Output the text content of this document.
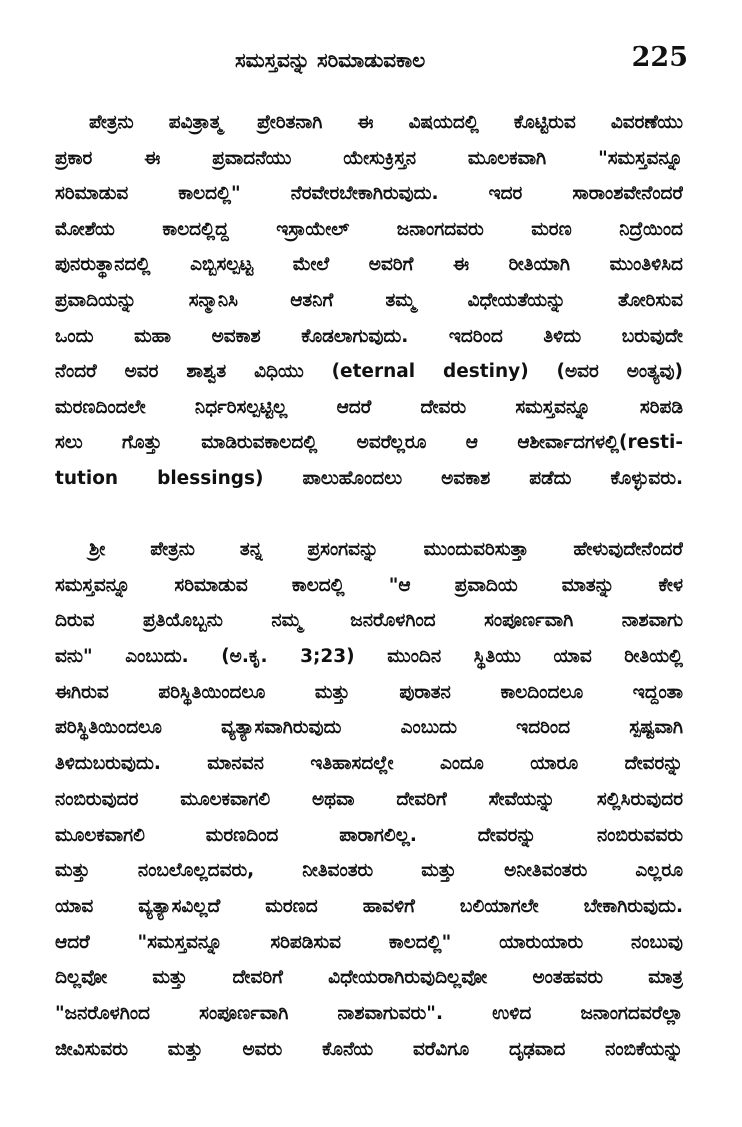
ಸಮಸ್ತವನ್ನು ಸರಿಮಾಡುವಕಾಲ	225
ಪೇತ್ರನು ಪವಿತ್ರಾತ್ಮ ಪ್ರೇರಿತನಾಗಿ ಈ ವಿಷಯದಲ್ಲಿ ಕೊಟ್ಟಿರುವ ವಿವರಣೆಯು
ಪ್ರಕಾರ ಈ ಪ್ರವಾದನೆಯು ಯೇಸುಕ್ರಿಸ್ತನ ಮೂಲಕವಾಗಿ "ಸಮಸ್ತವನ್ನೂ
ಸರಿಮಾಡುವ ಕಾಲದಲ್ಲಿ" ನೆರವೇರಬೇಕಾಗಿರುವುದು. ಇದರ ಸಾರಾಂಶವೇನೆಂದರೆ
ಮೋಶೆಯ ಕಾಲದಲ್ಲಿದ್ದ ಇಸ್ರಾಯೇಲ್ ಜನಾಂಗದವರು ಮರಣ ನಿದ್ರೆಯಿಂದ
ಪುನರುತ್ಥಾನದಲ್ಲಿ ಎಬ್ಬಿಸಲ್ಪಟ್ಟ ಮೇಲೆ ಅವರಿಗೆ ಈ ರೀತಿಯಾಗಿ ಮುಂತಿಳಿಸಿದ
ಪ್ರವಾದಿಯನ್ನು ಸನ್ಮಾನಿಸಿ ಆತನಿಗೆ ತಮ್ಮ ವಿಧೇಯತೆಯನ್ನು ತೋರಿಸುವ
ಒಂದು ಮಹಾ ಅವಕಾಶ ಕೊಡಲಾಗುವುದು. ಇದರಿಂದ ತಿಳಿದು ಬರುವುದೇ
ನೆಂದರೆ ಅವರ ಶಾಶ್ವತ ವಿಧಿಯು (eternal destiny) (ಅವರ ಅಂತ್ಯವು)
ಮರಣದಿಂದಲೇ ನಿರ್ಧರಿಸಲ್ಪಟ್ಟಿಲ್ಲ ಆದರೆ ದೇವರು ಸಮಸ್ತವನ್ನೂ ಸರಿಪಡಿ
ಸಲು ಗೊತ್ತು ಮಾಡಿರುವಕಾಲದಲ್ಲಿ ಅವರೆಲ್ಲರೂ ಆ ಆಶೀರ್ವಾದಗಳಲ್ಲಿ(resti-
tution blessings) ಪಾಲುಹೊಂದಲು ಅವಕಾಶ ಪಡೆದು ಕೊಳ್ಳುವರು.
ಶ್ರೀ ಪೇತ್ರನು ತನ್ನ ಪ್ರಸಂಗವನ್ನು ಮುಂದುವರಿಸುತ್ತಾ ಹೇಳುವುದೇನೆಂದರೆ
ಸಮಸ್ತವನ್ನೂ ಸರಿಮಾಡುವ ಕಾಲದಲ್ಲಿ "ಆ ಪ್ರವಾದಿಯ ಮಾತನ್ನು ಕೇಳ
ದಿರುವ ಪ್ರತಿಯೊಬ್ಬನು ನಮ್ಮ ಜನರೊಳಗಿಂದ ಸಂಪೂರ್ಣವಾಗಿ ನಾಶವಾಗು
ವನು" ಎಂಬುದು. (ಅ.ಕೃ. 3;23) ಮುಂದಿನ ಸ್ಥಿತಿಯು ಯಾವ ರೀತಿಯಲ್ಲಿ
ಈಗಿರುವ ಪರಿಸ್ಥಿತಿಯಿಂದಲೂ ಮತ್ತು ಪುರಾತನ ಕಾಲದಿಂದಲೂ ಇದ್ದಂತಾ
ಪರಿಸ್ಥಿತಿಯಿಂದಲೂ ವ್ಯತ್ಯಾಸವಾಗಿರುವುದು ಎಂಬುದು ಇದರಿಂದ ಸ್ಪಷ್ಟವಾಗಿ
ತಿಳಿದುಬರುವುದು. ಮಾನವನ ಇತಿಹಾಸದಲ್ಲೇ ಎಂದೂ ಯಾರೂ ದೇವರನ್ನು
ನಂಬಿರುವುದರ ಮೂಲಕವಾಗಲಿ ಅಥವಾ ದೇವರಿಗೆ ಸೇವೆಯನ್ನು ಸಲ್ಲಿಸಿರುವುದರ
ಮೂಲಕವಾಗಲಿ ಮರಣದಿಂದ ಪಾರಾಗಲಿಲ್ಲ. ದೇವರನ್ನು ನಂಬಿರುವವರು
ಮತ್ತು ನಂಬಲೊಲ್ಲದವರು, ನೀತಿವಂತರು ಮತ್ತು ಅನೀತಿವಂತರು ಎಲ್ಲರೂ
ಯಾವ ವ್ಯತ್ಯಾಸವಿಲ್ಲದೆ ಮರಣದ ಹಾವಳಿಗೆ ಬಲಿಯಾಗಲೇ ಬೇಕಾಗಿರುವುದು.
ಆದರೆ "ಸಮಸ್ತವನ್ನೂ ಸರಿಪಡಿಸುವ ಕಾಲದಲ್ಲಿ" ಯಾರುಯಾರು ನಂಬುವು
ದಿಲ್ಲವೋ ಮತ್ತು ದೇವರಿಗೆ ವಿಧೇಯರಾಗಿರುವುದಿಲ್ಲವೋ ಅಂತಹವರು ಮಾತ್ರ
"ಜನರೊಳಗಿಂದ ಸಂಪೂರ್ಣವಾಗಿ ನಾಶವಾಗುವರು". ಉಳಿದ ಜನಾಂಗದವರೆಲ್ಲಾ
ಜೀವಿಸುವರು ಮತ್ತು ಅವರು ಕೊನೆಯ ವರೆವಿಗೂ ದೃಢವಾದ ನಂಬಿಕೆಯನ್ನು
